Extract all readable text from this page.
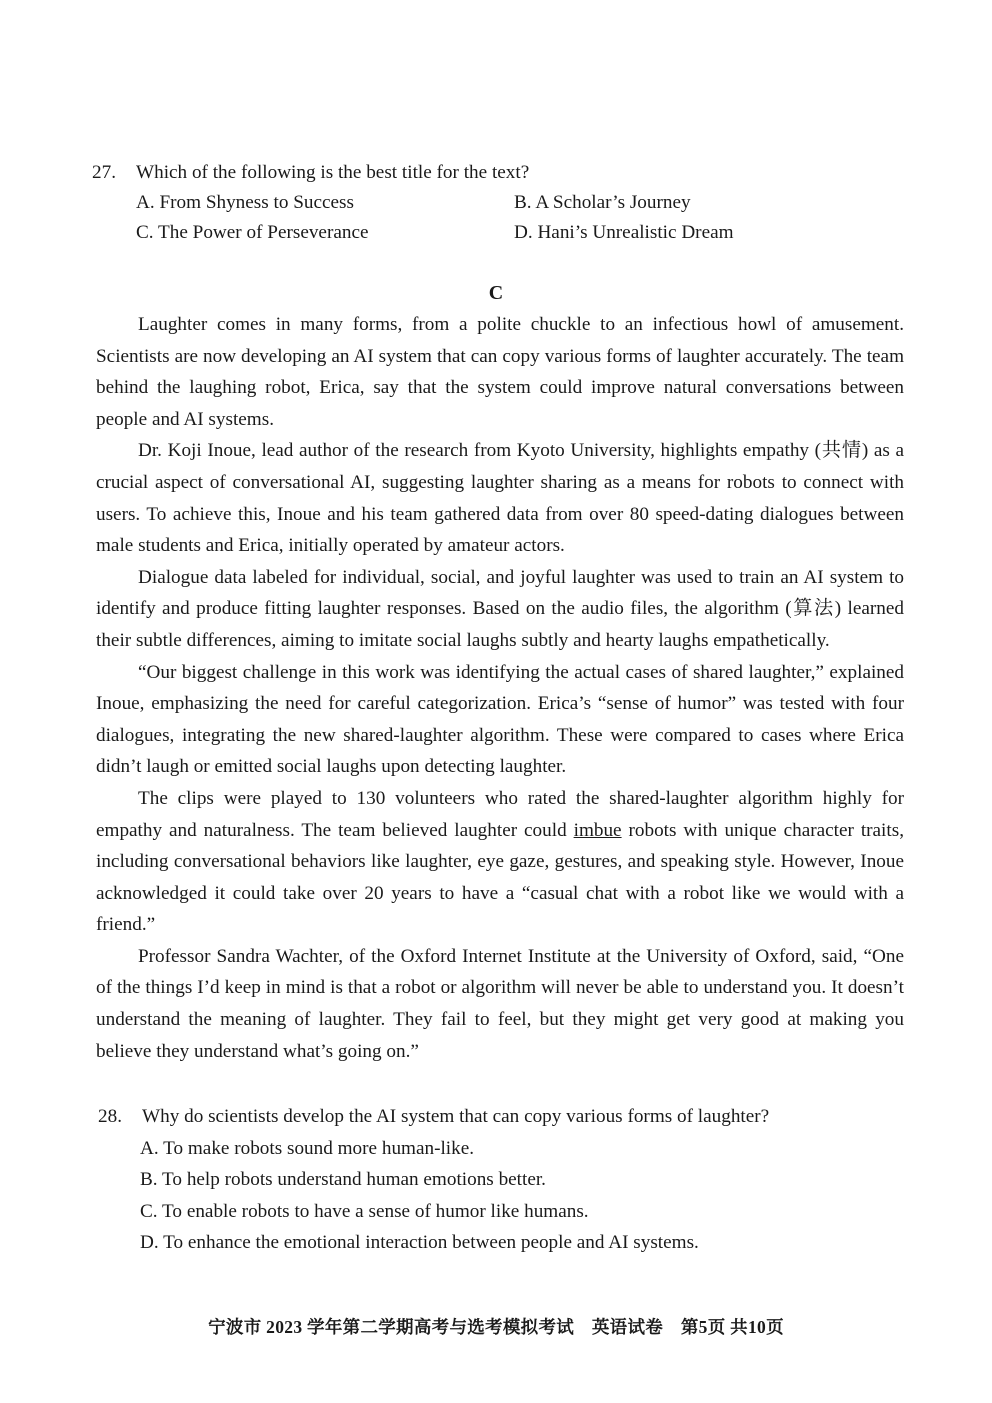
27. Which of the following is the best title for the text?
A. From Shyness to Success	B. A Scholar’s Journey
C. The Power of Perseverance	D. Hani’s Unrealistic Dream
C

Laughter comes in many forms, from a polite chuckle to an infectious howl of amusement. Scientists are now developing an AI system that can copy various forms of laughter accurately. The team behind the laughing robot, Erica, say that the system could improve natural conversations between people and AI systems.

Dr. Koji Inoue, lead author of the research from Kyoto University, highlights empathy (共情) as a crucial aspect of conversational AI, suggesting laughter sharing as a means for robots to connect with users. To achieve this, Inoue and his team gathered data from over 80 speed-dating dialogues between male students and Erica, initially operated by amateur actors.

Dialogue data labeled for individual, social, and joyful laughter was used to train an AI system to identify and produce fitting laughter responses. Based on the audio files, the algorithm (算法) learned their subtle differences, aiming to imitate social laughs subtly and hearty laughs empathetically.

“Our biggest challenge in this work was identifying the actual cases of shared laughter,” explained Inoue, emphasizing the need for careful categorization. Erica’s “sense of humor” was tested with four dialogues, integrating the new shared-laughter algorithm. These were compared to cases where Erica didn’t laugh or emitted social laughs upon detecting laughter.

The clips were played to 130 volunteers who rated the shared-laughter algorithm highly for empathy and naturalness. The team believed laughter could imbue robots with unique character traits, including conversational behaviors like laughter, eye gaze, gestures, and speaking style. However, Inoue acknowledged it could take over 20 years to have a “casual chat with a robot like we would with a friend.”

Professor Sandra Wachter, of the Oxford Internet Institute at the University of Oxford, said, “One of the things I’d keep in mind is that a robot or algorithm will never be able to understand you. It doesn’t understand the meaning of laughter. They fail to feel, but they might get very good at making you believe they understand what’s going on.”

28. Why do scientists develop the AI system that can copy various forms of laughter?
A. To make robots sound more human-like.
B. To help robots understand human emotions better.
C. To enable robots to have a sense of humor like humans.
D. To enhance the emotional interaction between people and AI systems.
宁波市 2023 学年第二学期高考与选考模拟考试　英语试卷　第5页 共10页
